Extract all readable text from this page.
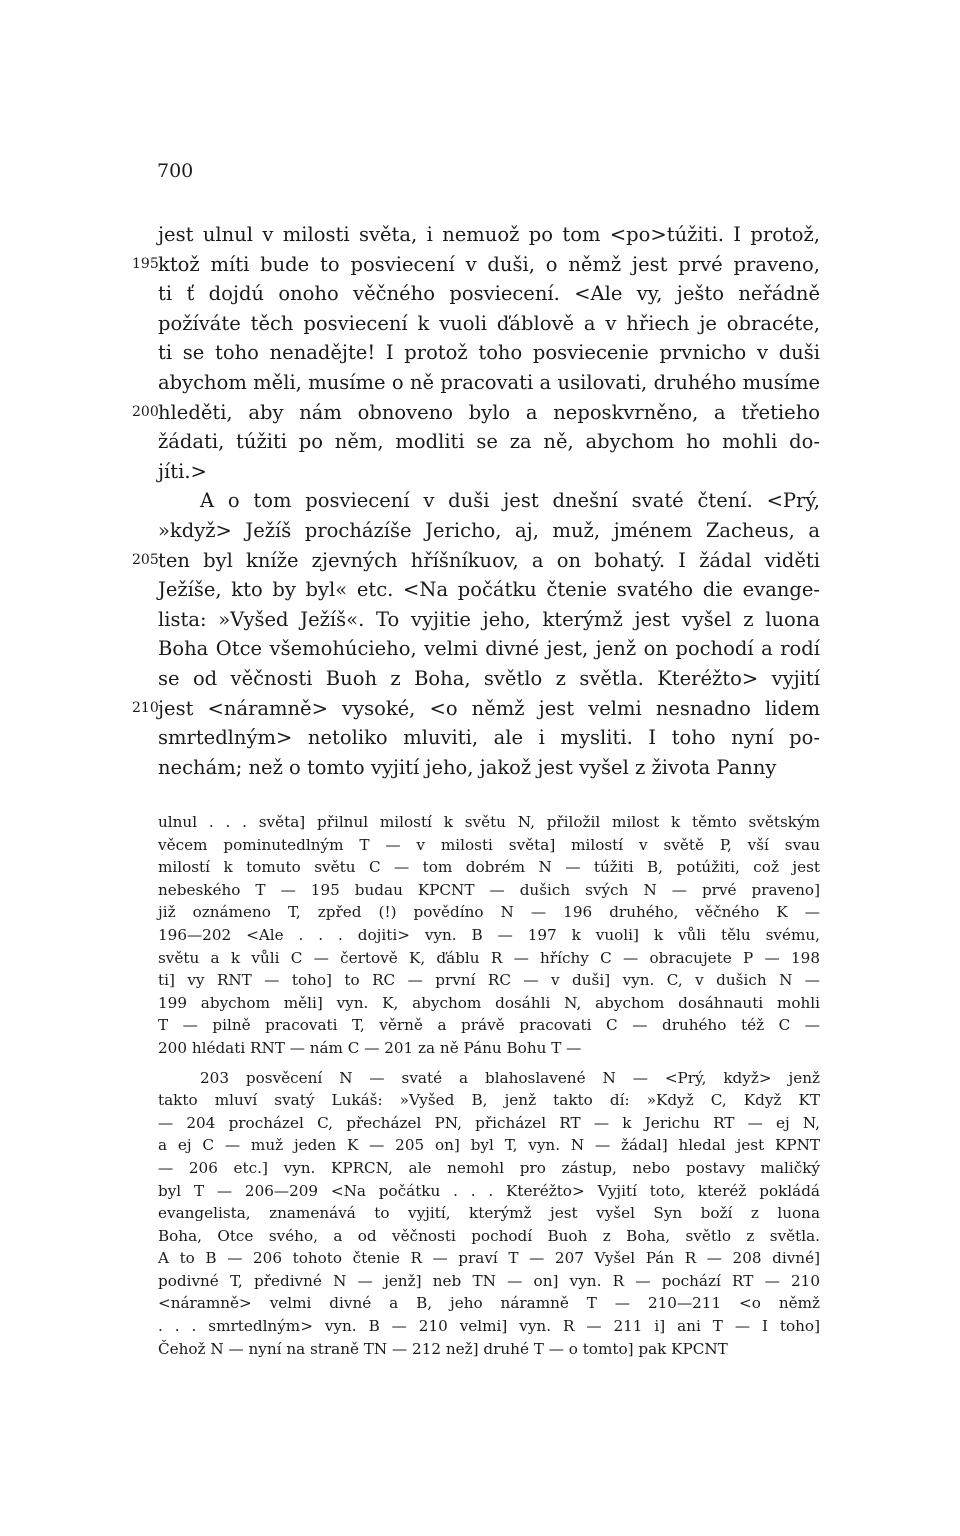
700
jest ulnul v milosti světa, i nemuož po tom <po>túžiti. I protož,
195 ktož míti bude to posviecení v duši, o němž jest prvé praveno,
ti ť dojdú onoho věčného posviecení. <Ale vy, ješto neřádně
požíváte těch posviecení k vuoli ďáblově a v hřiech je obracéte,
ti se toho nenadějte! I protož toho posviecenie prvnicho v duši
abychom měli, musíme o ně pracovati a usilovati, druhého musíme
200 hleděti, aby nám obnoveno bylo a neposkvrněno, a třetieho
žádati, túžiti po něm, modliti se za ně, abychom ho mohli do-
jíti.>
A o tom posviecení v duši jest dnešní svaté čtení. <Prý,
»když> Ježíš procházíše Jericho, aj, muž, jménem Zacheus, a
205 ten byl kníže zjevných hříšníkuov, a on bohatý. I žádal viděti
Ježíše, kto by byl« etc. <Na počátku čtenie svatého die evange-
lista: »Vyšed Ježíš«. To vyjitie jeho, kterýmž jest vyšel z luona
Boha Otce všemohúcieho, velmi divné jest, jenž on pochodí a rodí
se od věčnosti Buoh z Boha, světlo z světla. Kteréžto> vyjití
210 jest <náramně> vysoké, <o němž jest velmi nesnadno lidem
smrtedlným> netoliko mluviti, ale i mysliti. I toho nyní po-
nechám; než o tomto vyjití jeho, jakož jest vyšel z života Panny
ulnul . . . světa] přilnul milostí k světu N, přiložil milost k těmto světským
věcem pominutedlným T — v milosti světa] milostí v světě P, vší svau
milostí k tomuto světu C — tom dobrém N — túžiti B, potúžiti, což jest
nebeského T — 195 budau KPCNT — dušich svých N — prvé praveno]
již oznámeno T, zpřed (!) povědíno N — 196 druhého, věčného K —
196—202 <Ale . . . dojiti> vyn. B — 197 k vuoli] k vůli tělu svému,
světu a k vůli C — čertově K, ďáblu R — hříchy C — obracujete P — 198
ti] vy RNT — toho] to RC — první RC — v duši] vyn. C, v dušich N —
199 abychom měli] vyn. K, abychom dosáhli N, abychom dosáhnauti mohli
T — pilně pracovati T, věrně a právě pracovati C — druhého též C —
200 hlédati RNT — nám C — 201 za ně Pánu Bohu T —
203 posvěcení N — svaté a blahoslavené N — <Prý, když> jenž
takto mluví svatý Lukáš: »Vyšed B, jenž takto dí: »Když C, Když KT
— 204 procházel C, přecházel PN, přicházel RT — k Jerichu RT — ej N,
a ej C — muž jeden K — 205 on] byl T, vyn. N — žádal] hledal jest KPNT
— 206 etc.] vyn. KPRCN, ale nemohl pro zástup, nebo postavy maličký
byl T — 206—209 <Na počátku . . . Kteréžto> Vyjití toto, kteréž pokládá
evangelista, znamenává to vyjití, kterýmž jest vyšel Syn boží z luona
Boha, Otce svého, a od věčnosti pochodí Buoh z Boha, světlo z světla.
A to B — 206 tohoto čtenie R — praví T — 207 Vyšel Pán R — 208 divné]
podivné T, předivné N — jenž] neb TN — on] vyn. R — pochází RT — 210
<náramně> velmi divné a B, jeho náramně T — 210—211 <o němž
. . . smrtedlným> vyn. B — 210 velmi] vyn. R — 211 i] ani T — I toho]
Čehož N — nyní na straně TN — 212 než] druhé T — o tomto] pak KPCNT
